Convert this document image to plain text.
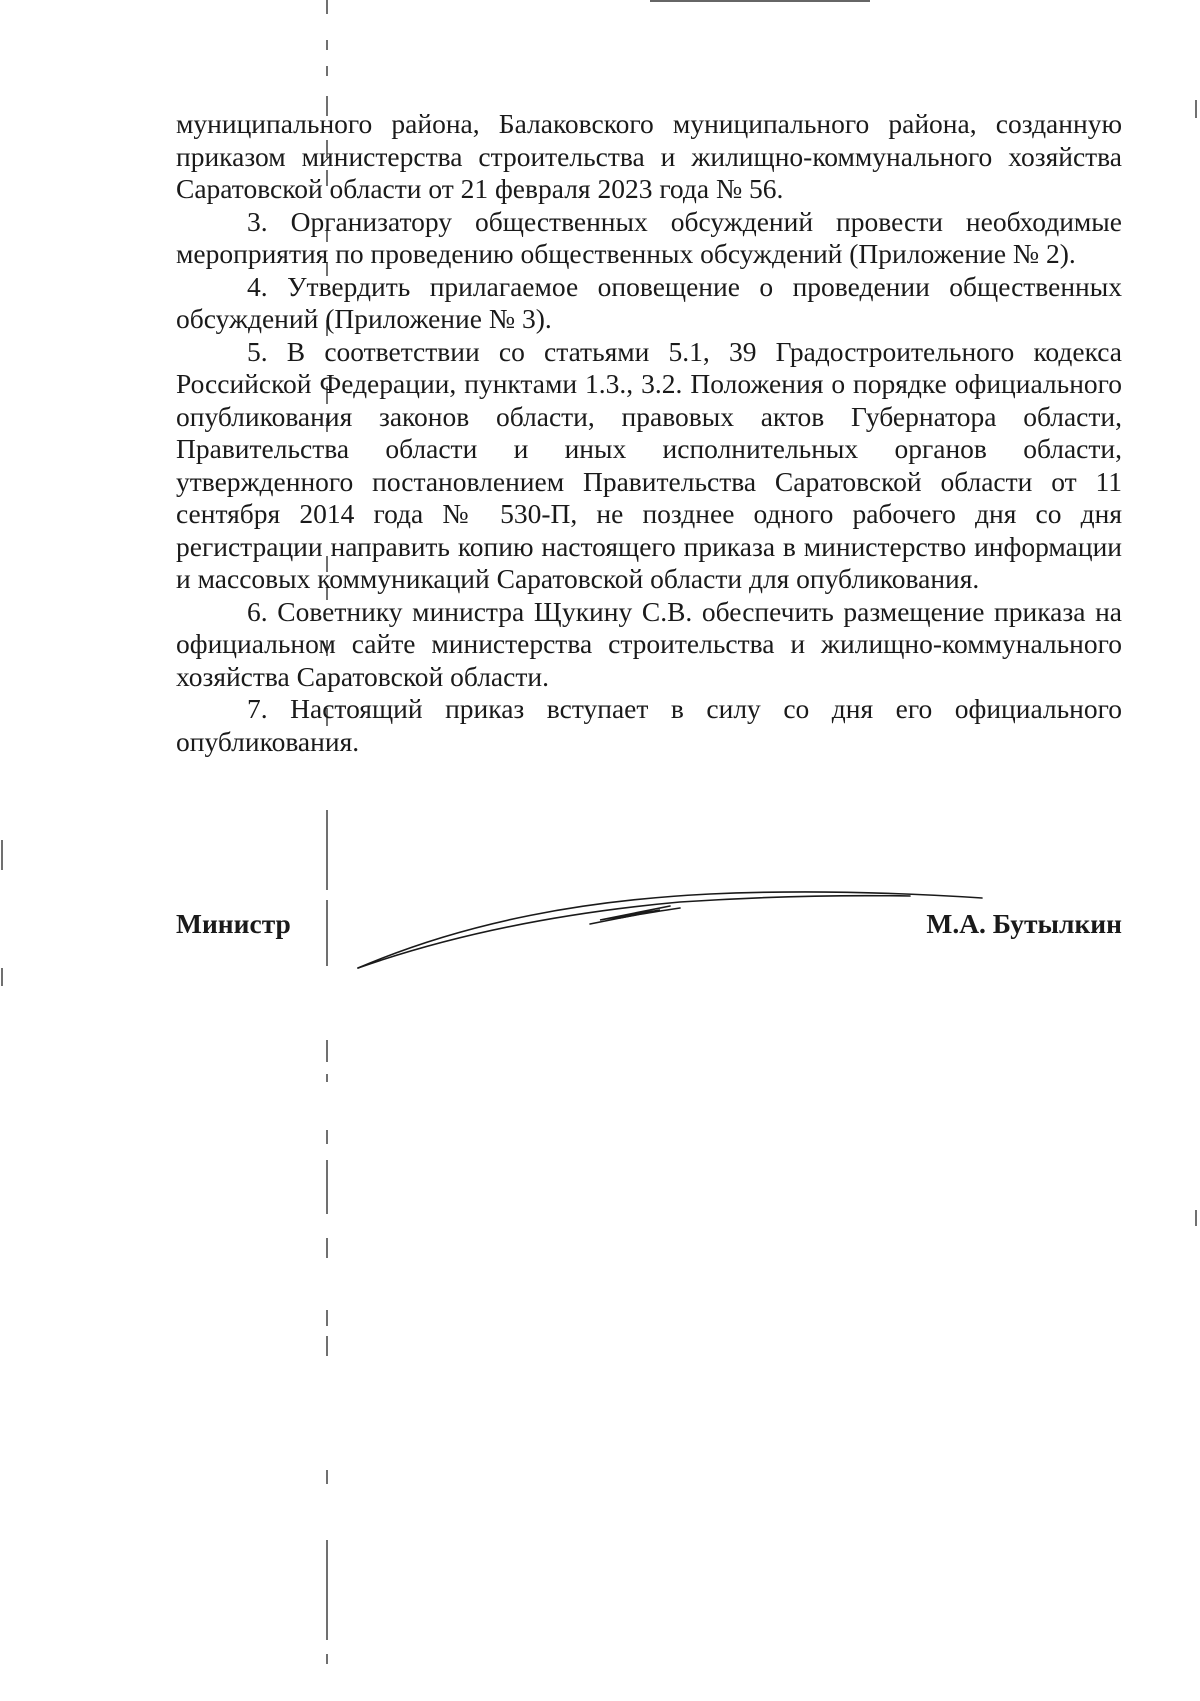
муниципального района, Балаковского муниципального района, созданную приказом министерства строительства и жилищно-коммунального хозяйства Саратовской области от 21 февраля 2023 года № 56.

3. Организатору общественных обсуждений провести необходимые мероприятия по проведению общественных обсуждений (Приложение № 2).

4. Утвердить прилагаемое оповещение о проведении общественных обсуждений (Приложение № 3).

5. В соответствии со статьями 5.1, 39 Градостроительного кодекса Российской Федерации, пунктами 1.3., 3.2. Положения о порядке официального опубликования законов области, правовых актов Губернатора области, Правительства области и иных исполнительных органов области, утвержденного постановлением Правительства Саратовской области от 11 сентября 2014 года № 530-П, не позднее одного рабочего дня со дня регистрации направить копию настоящего приказа в министерство информации и массовых коммуникаций Саратовской области для опубликования.

6. Советнику министра Щукину С.В. обеспечить размещение приказа на официальном сайте министерства строительства и жилищно-коммунального хозяйства Саратовской области.

7. Настоящий приказ вступает в силу со дня его официального опубликования.

Министр	М.А. Бутылкин
